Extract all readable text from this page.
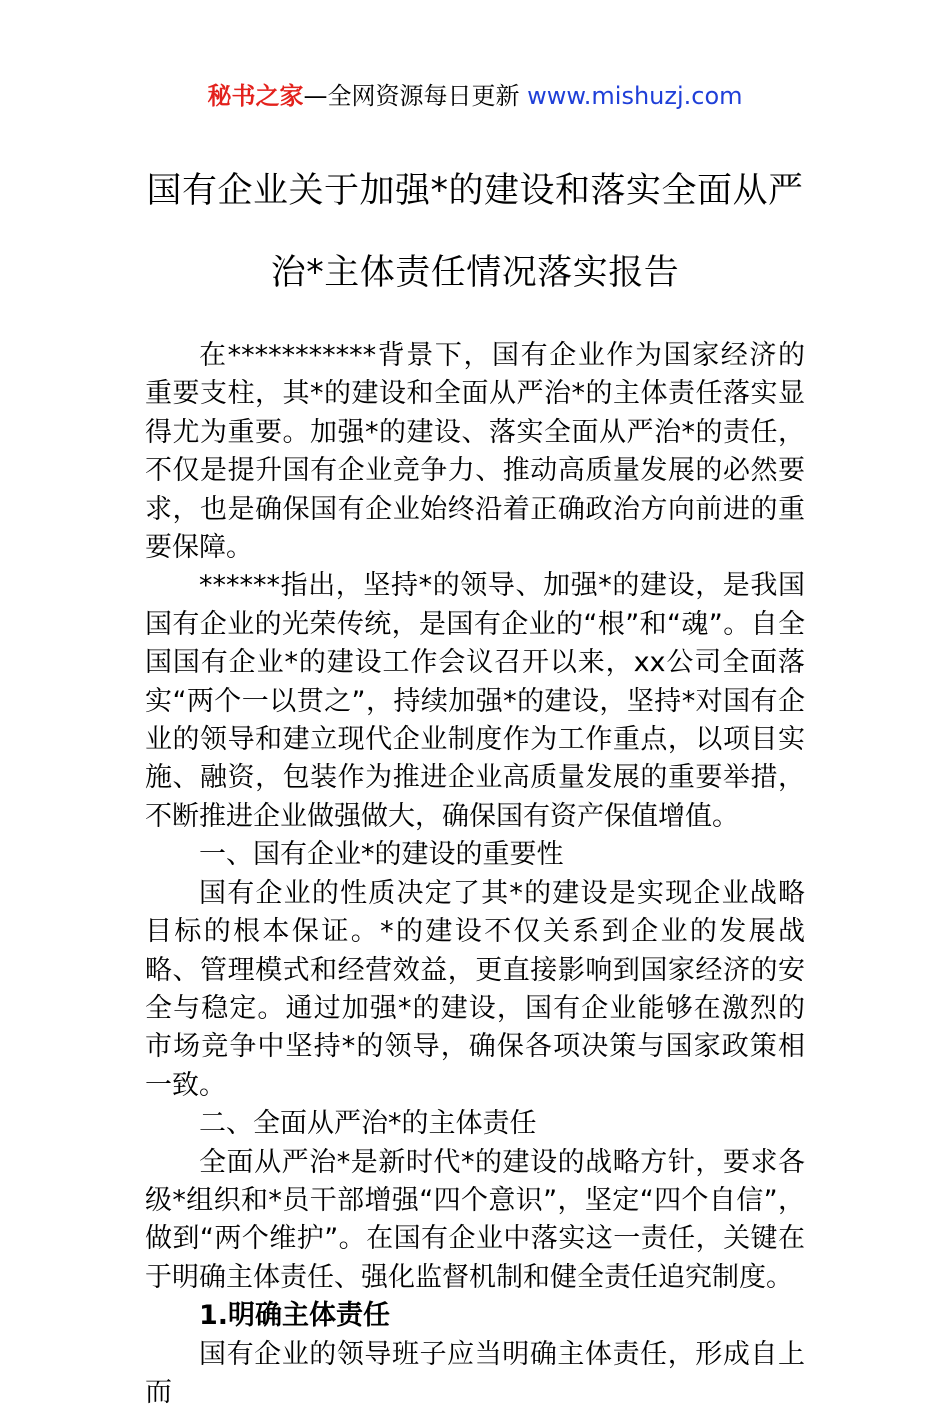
秘书之家—全网资源每日更新 www.mishuzj.com
国有企业关于加强*的建设和落实全面从严
治*主体责任情况落实报告

在***********背景下，国有企业作为国家经济的重要支柱，其*的建设和全面从严治*的主体责任落实显得尤为重要。加强*的建设、落实全面从严治*的责任，不仅是提升国有企业竞争力、推动高质量发展的必然要求，也是确保国有企业始终沿着正确政治方向前进的重要保障。

******指出，坚持*的领导、加强*的建设，是我国国有企业的光荣传统，是国有企业的“根”和“魂”。自全国国有企业*的建设工作会议召开以来，xx公司全面落实“两个一以贯之”，持续加强*的建设，坚持*对国有企业的领导和建立现代企业制度作为工作重点，以项目实施、融资，包装作为推进企业高质量发展的重要举措，不断推进企业做强做大，确保国有资产保值增值。

一、国有企业*的建设的重要性

国有企业的性质决定了其*的建设是实现企业战略目标的根本保证。*的建设不仅关系到企业的发展战略、管理模式和经营效益，更直接影响到国家经济的安全与稳定。通过加强*的建设，国有企业能够在激烈的市场竞争中坚持*的领导，确保各项决策与国家政策相一致。

二、全面从严治*的主体责任

全面从严治*是新时代*的建设的战略方针，要求各级*组织和*员干部增强“四个意识”，坚定“四个自信”，做到“两个维护”。在国有企业中落实这一责任，关键在于明确主体责任、强化监督机制和健全责任追究制度。

1.明确主体责任

国有企业的领导班子应当明确主体责任，形成自上而
